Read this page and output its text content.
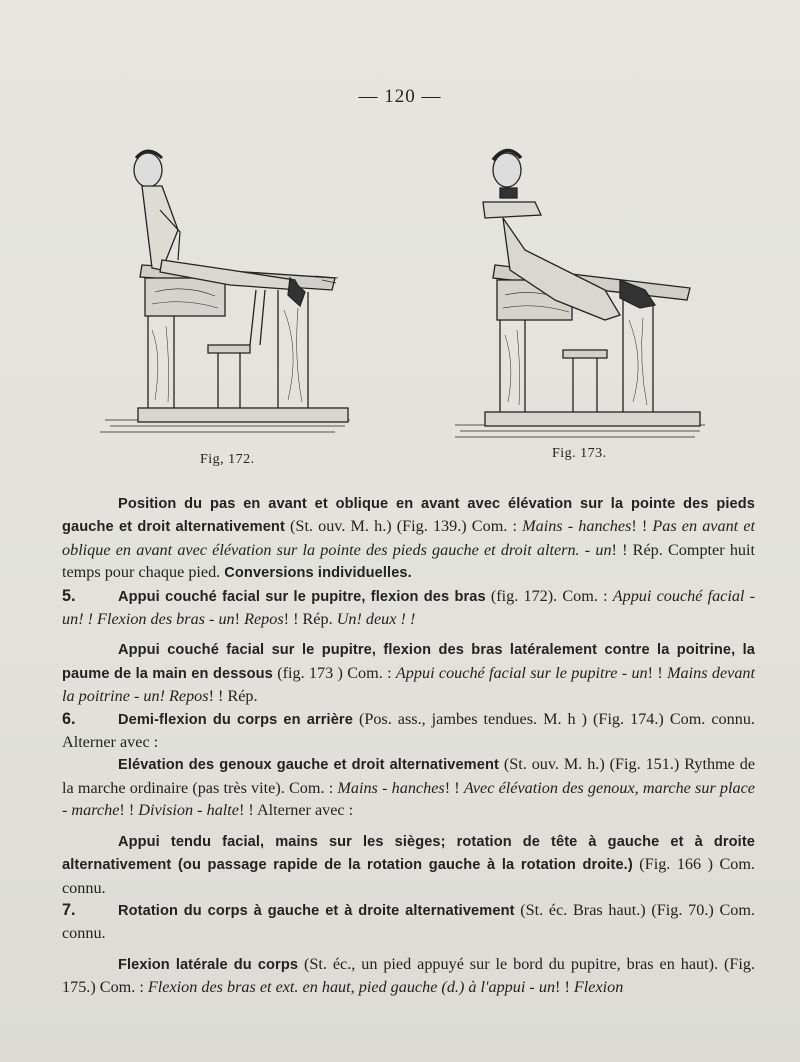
— 120 —
Fig, 172.	Fig. 173.

Position du pas en avant et oblique en avant avec élévation sur la pointe des pieds gauche et droit alternativement (St. ouv. M. h.) (Fig. 139.) Com. : Mains - hanches! ! Pas en avant et oblique en avant avec élévation sur la pointe des pieds gauche et droit altern. - un! ! Rép. Compter huit temps pour chaque pied. Conversions individuelles.

5.	Appui couché facial sur le pupitre, flexion des bras (fig. 172). Com. : Appui couché facial - un! ! Flexion des bras - un! Repos! ! Rép. Un! deux ! !

Appui couché facial sur le pupitre, flexion des bras latéralement contre la poitrine, la paume de la main en dessous (fig. 173 ) Com. : Appui couché facial sur le pupitre - un! ! Mains devant la poitrine - un! Repos! ! Rép.

6.	Demi-flexion du corps en arrière (Pos. ass., jambes tendues. M. h ) (Fig. 174.) Com. connu. Alterner avec :

Elévation des genoux gauche et droit alternativement (St. ouv. M. h.) (Fig. 151.) Rythme de la marche ordinaire (pas très vite). Com. : Mains - hanches! ! Avec élévation des genoux, marche sur place - marche! ! Division - halte! ! Alterner avec :

Appui tendu facial, mains sur les sièges; rotation de tête à gauche et à droite alternativement (ou passage rapide de la rotation gauche à la rotation droite.) (Fig. 166 ) Com. connu.

7.	Rotation du corps à gauche et à droite alternativement (St. éc. Bras haut.) (Fig. 70.) Com. connu.

Flexion latérale du corps (St. éc., un pied appuyé sur le bord du pupitre, bras en haut). (Fig. 175.) Com. : Flexion des bras et ext. en haut, pied gauche (d.) à l'appui - un! ! Flexion
